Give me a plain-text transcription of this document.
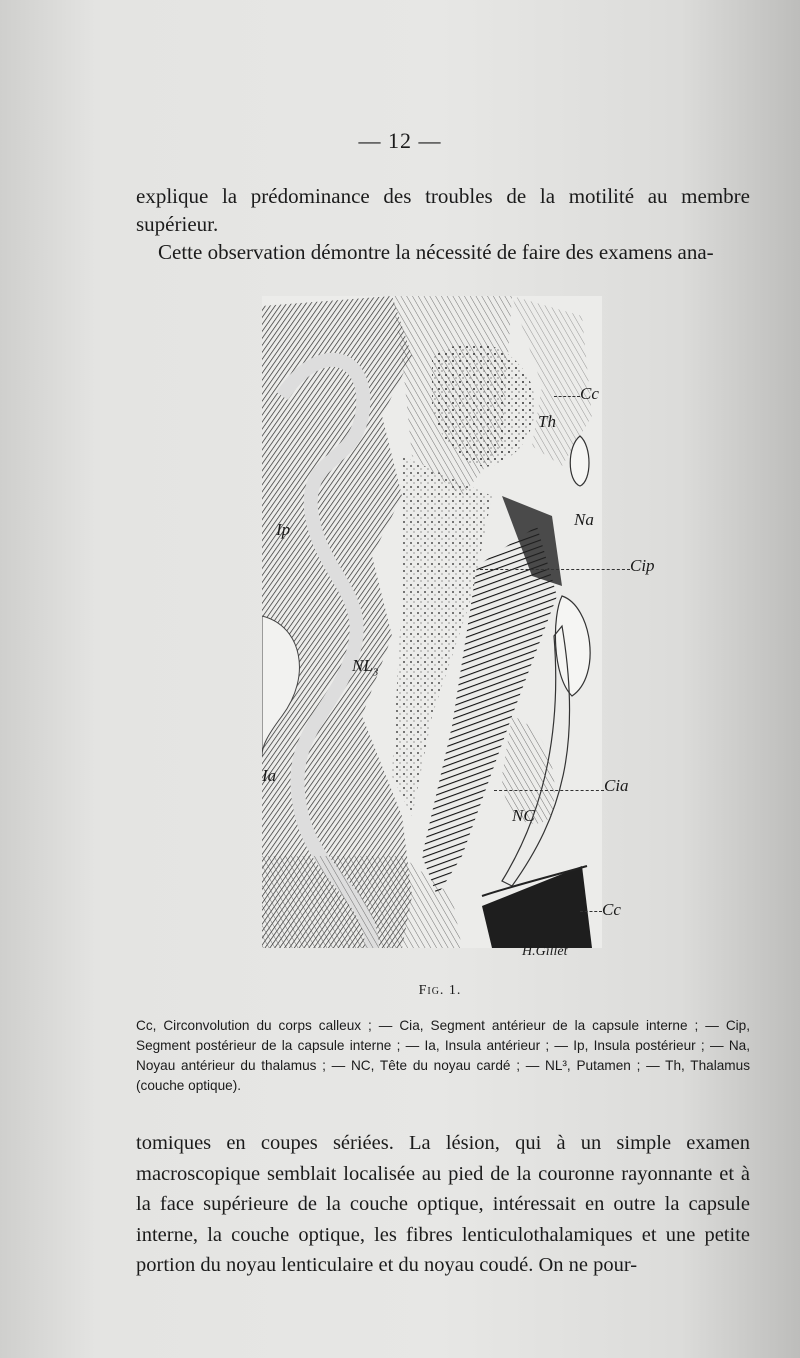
— 12 —

explique la prédominance des troubles de la motilité au membre supérieur.

Cette observation démontre la nécessité de faire des examens ana-

Cc
Th
Ip
Na
Cip
$NL_3$
Ia
Cia
NC
Cc
H.Gillet
Fig. 1.
Cc, Circonvolution du corps calleux ; — Cia, Segment antérieur de la capsule interne ; — Cip, Segment postérieur de la capsule interne ; — Ia, Insula antérieur ; — Ip, Insula postérieur ; — Na, Noyau antérieur du thalamus ; — NC, Tête du noyau cardé ; — NL³, Putamen ; — Th, Thalamus (couche optique).

tomiques en coupes sériées. La lésion, qui à un simple examen macroscopique semblait localisée au pied de la couronne rayonnante et à la face supérieure de la couche optique, intéressait en outre la capsule interne, la couche optique, les fibres lenticulothalamiques et une petite portion du noyau lenticulaire et du noyau coudé. On ne pour-
